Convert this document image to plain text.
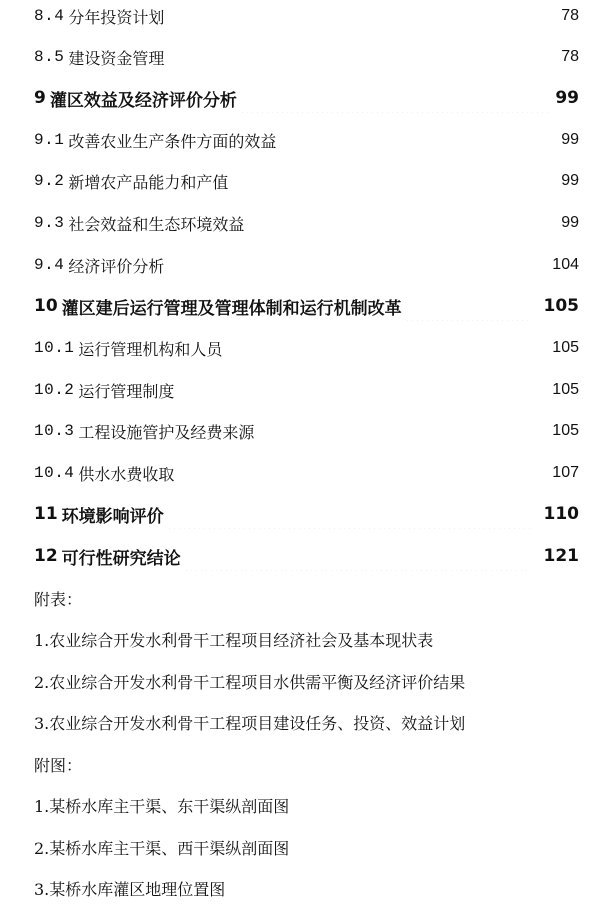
8.4 分年投资计划	78
8.5 建设资金管理	78
9 灌区效益及经济评价分析	99
9.1 改善农业生产条件方面的效益	99
9.2 新增农产品能力和产值	99
9.3 社会效益和生态环境效益	99
9.4 经济评价分析	104
10 灌区建后运行管理及管理体制和运行机制改革	105
10.1 运行管理机构和人员	105
10.2 运行管理制度	105
10.3 工程设施管护及经费来源	105
10.4 供水水费收取	107
11 环境影响评价	110
12 可行性研究结论	121
附表：
1.农业综合开发水利骨干工程项目经济社会及基本现状表
2.农业综合开发水利骨干工程项目水供需平衡及经济评价结果
3.农业综合开发水利骨干工程项目建设任务、投资、效益计划
附图：
1.某桥水库主干渠、东干渠纵剖面图
2.某桥水库主干渠、西干渠纵剖面图
3.某桥水库灌区地理位置图
